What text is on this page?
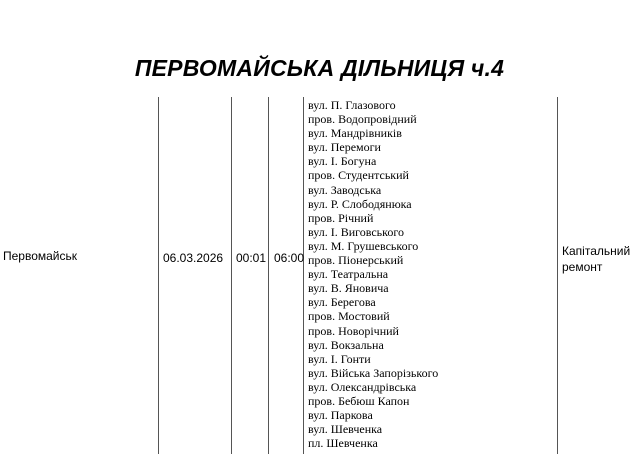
ПЕРВОМАЙСЬКА ДІЛЬНИЦЯ ч.4
Первомайськ	06.03.2026 00:01 06:00
вул. П. Глазового
пров. Водопровідний
вул. Мандрівників
вул. Перемоги
вул. І. Богуна
пров. Студентський
вул. Заводська
вул. Р. Слободянюка
пров. Річний
вул. І. Виговського
вул. М. Грушевського
пров. Піонерський
вул. Театральна
вул. В. Яновича
вул. Берегова
пров. Мостовий
пров. Новорічний
вул. Вокзальна
вул. І. Гонти
вул. Війська Запорізького
вул. Олександрівська
пров. Бебюш Капон
вул. Паркова
вул. Шевченка
пл. Шевченка
Капітальний ремонт
